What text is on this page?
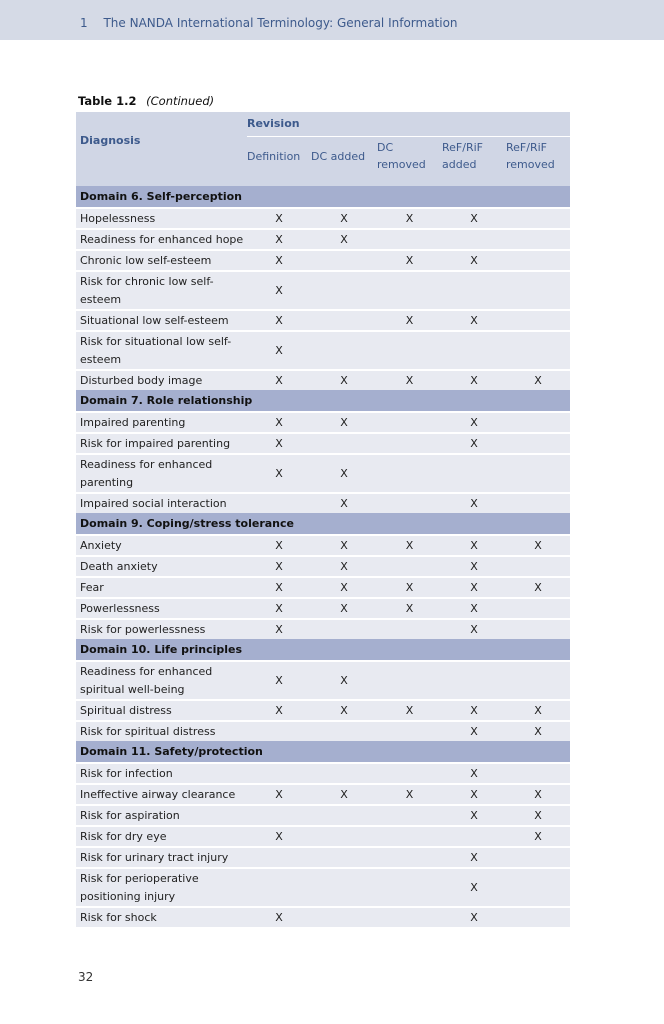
1 The NANDA International Terminology: General Information
Table 1.2 (Continued)
Diagnosis	Revision				
	Definition	DC added	DC removed	ReF/RiF added	ReF/RiF removed
Domain 6. Self-perception					
Hopelessness	X	X	X	X	
Readiness for enhanced hope	X	X			
Chronic low self-esteem	X		X	X	
Risk for chronic low self-esteem	X				
Situational low self-esteem	X		X	X	
Risk for situational low self-esteem	X				
Disturbed body image	X	X	X	X	X
Domain 7. Role relationship					
Impaired parenting	X	X		X	
Risk for impaired parenting	X			X	
Readiness for enhanced parenting	X	X			
Impaired social interaction		X		X	
Domain 9. Coping/stress tolerance					
Anxiety	X	X	X	X	X
Death anxiety	X	X		X	
Fear	X	X	X	X	X
Powerlessness	X	X	X	X	
Risk for powerlessness	X			X	
Domain 10. Life principles					
Readiness for enhanced spiritual well-being	X	X			
Spiritual distress	X	X	X	X	X
Risk for spiritual distress				X	X
Domain 11. Safety/protection					
Risk for infection				X	
Ineffective airway clearance	X	X	X	X	X
Risk for aspiration				X	X
Risk for dry eye	X				X
Risk for urinary tract injury				X	
Risk for perioperative positioning injury				X	
Risk for shock	X			X	
32
